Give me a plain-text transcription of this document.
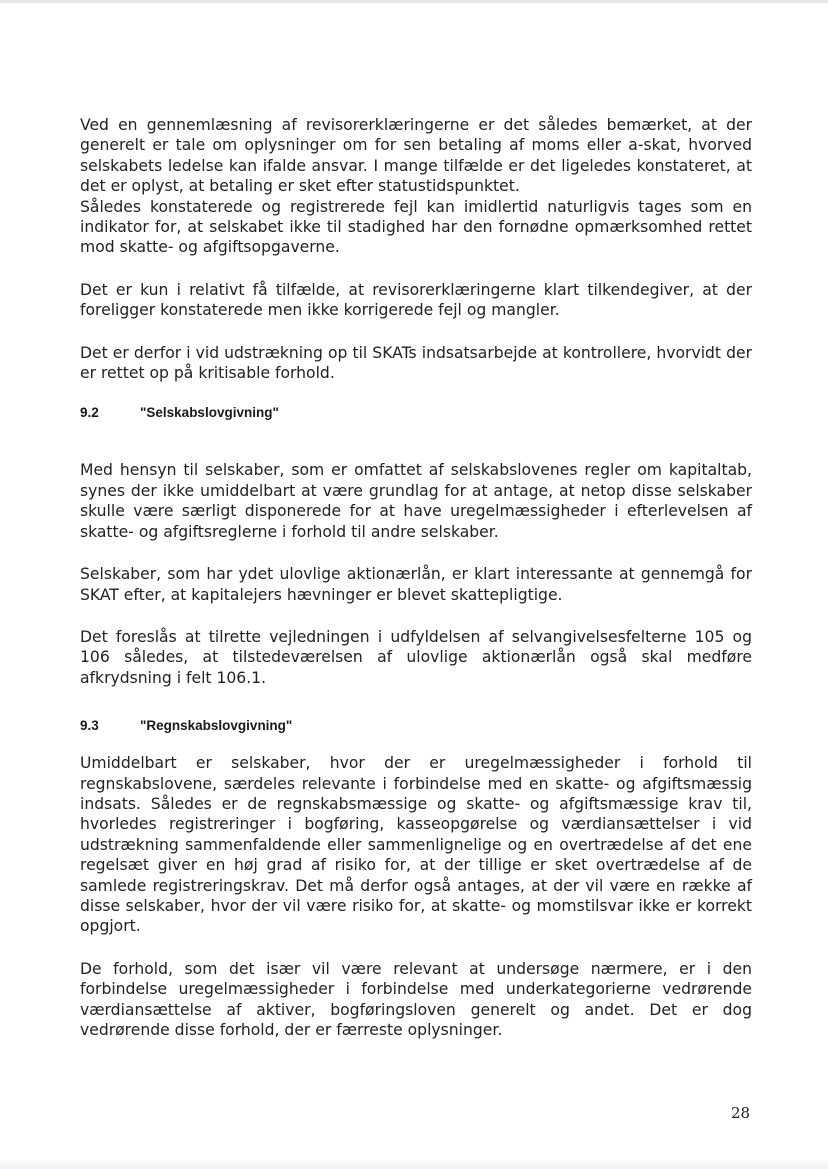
Ved en gennemlæsning af revisorerklæringerne er det således bemærket, at der generelt er tale om oplysninger om for sen betaling af moms eller a-skat, hvorved selskabets ledelse kan ifalde ansvar. I mange tilfælde er det ligeledes konstateret, at det er oplyst, at betaling er sket efter statustidspunktet.

Således konstaterede og registrerede fejl kan imidlertid naturligvis tages som en indikator for, at selskabet ikke til stadighed har den fornødne opmærksomhed rettet mod skatte- og afgiftsopgaverne.

Det er kun i relativt få tilfælde, at revisorerklæringerne klart tilkendegiver, at der foreligger konstaterede men ikke korrigerede fejl og mangler.

Det er derfor i vid udstrækning op til SKATs indsatsarbejde at kontrollere, hvorvidt der er rettet op på kritisable forhold.

9.2	"Selskabslovgivning"

Med hensyn til selskaber, som er omfattet af selskabslovenes regler om kapitaltab, synes der ikke umiddelbart at være grundlag for at antage, at netop disse selskaber skulle være særligt disponerede for at have uregelmæssigheder i efterlevelsen af skatte- og afgiftsreglerne i forhold til andre selskaber.

Selskaber, som har ydet ulovlige aktionærlån, er klart interessante at gennemgå for SKAT efter, at kapitalejers hævninger er blevet skattepligtige.

Det foreslås at tilrette vejledningen i udfyldelsen af selvangivelsesfelterne 105 og 106 således, at tilstedeværelsen af ulovlige aktionærlån også skal medføre afkrydsning i felt 106.1.

9.3	"Regnskabslovgivning"

Umiddelbart er selskaber, hvor der er uregelmæssigheder i forhold til regnskabslovene, særdeles relevante i forbindelse med en skatte- og afgiftsmæssig indsats. Således er de regnskabsmæssige og skatte- og afgiftsmæssige krav til, hvorledes registreringer i bogføring, kasseopgørelse og værdiansættelser i vid udstrækning sammenfaldende eller sammenlignelige og en overtrædelse af det ene regelsæt giver en høj grad af risiko for, at der tillige er sket overtrædelse af de samlede registreringskrav. Det må derfor også antages, at der vil være en række af disse selskaber, hvor der vil være risiko for, at skatte- og momstilsvar ikke er korrekt opgjort.

De forhold, som det især vil være relevant at undersøge nærmere, er i den forbindelse uregelmæssigheder i forbindelse med underkategorierne vedrørende værdiansættelse af aktiver, bogføringsloven generelt og andet. Det er dog vedrørende disse forhold, der er færreste oplysninger.

28
